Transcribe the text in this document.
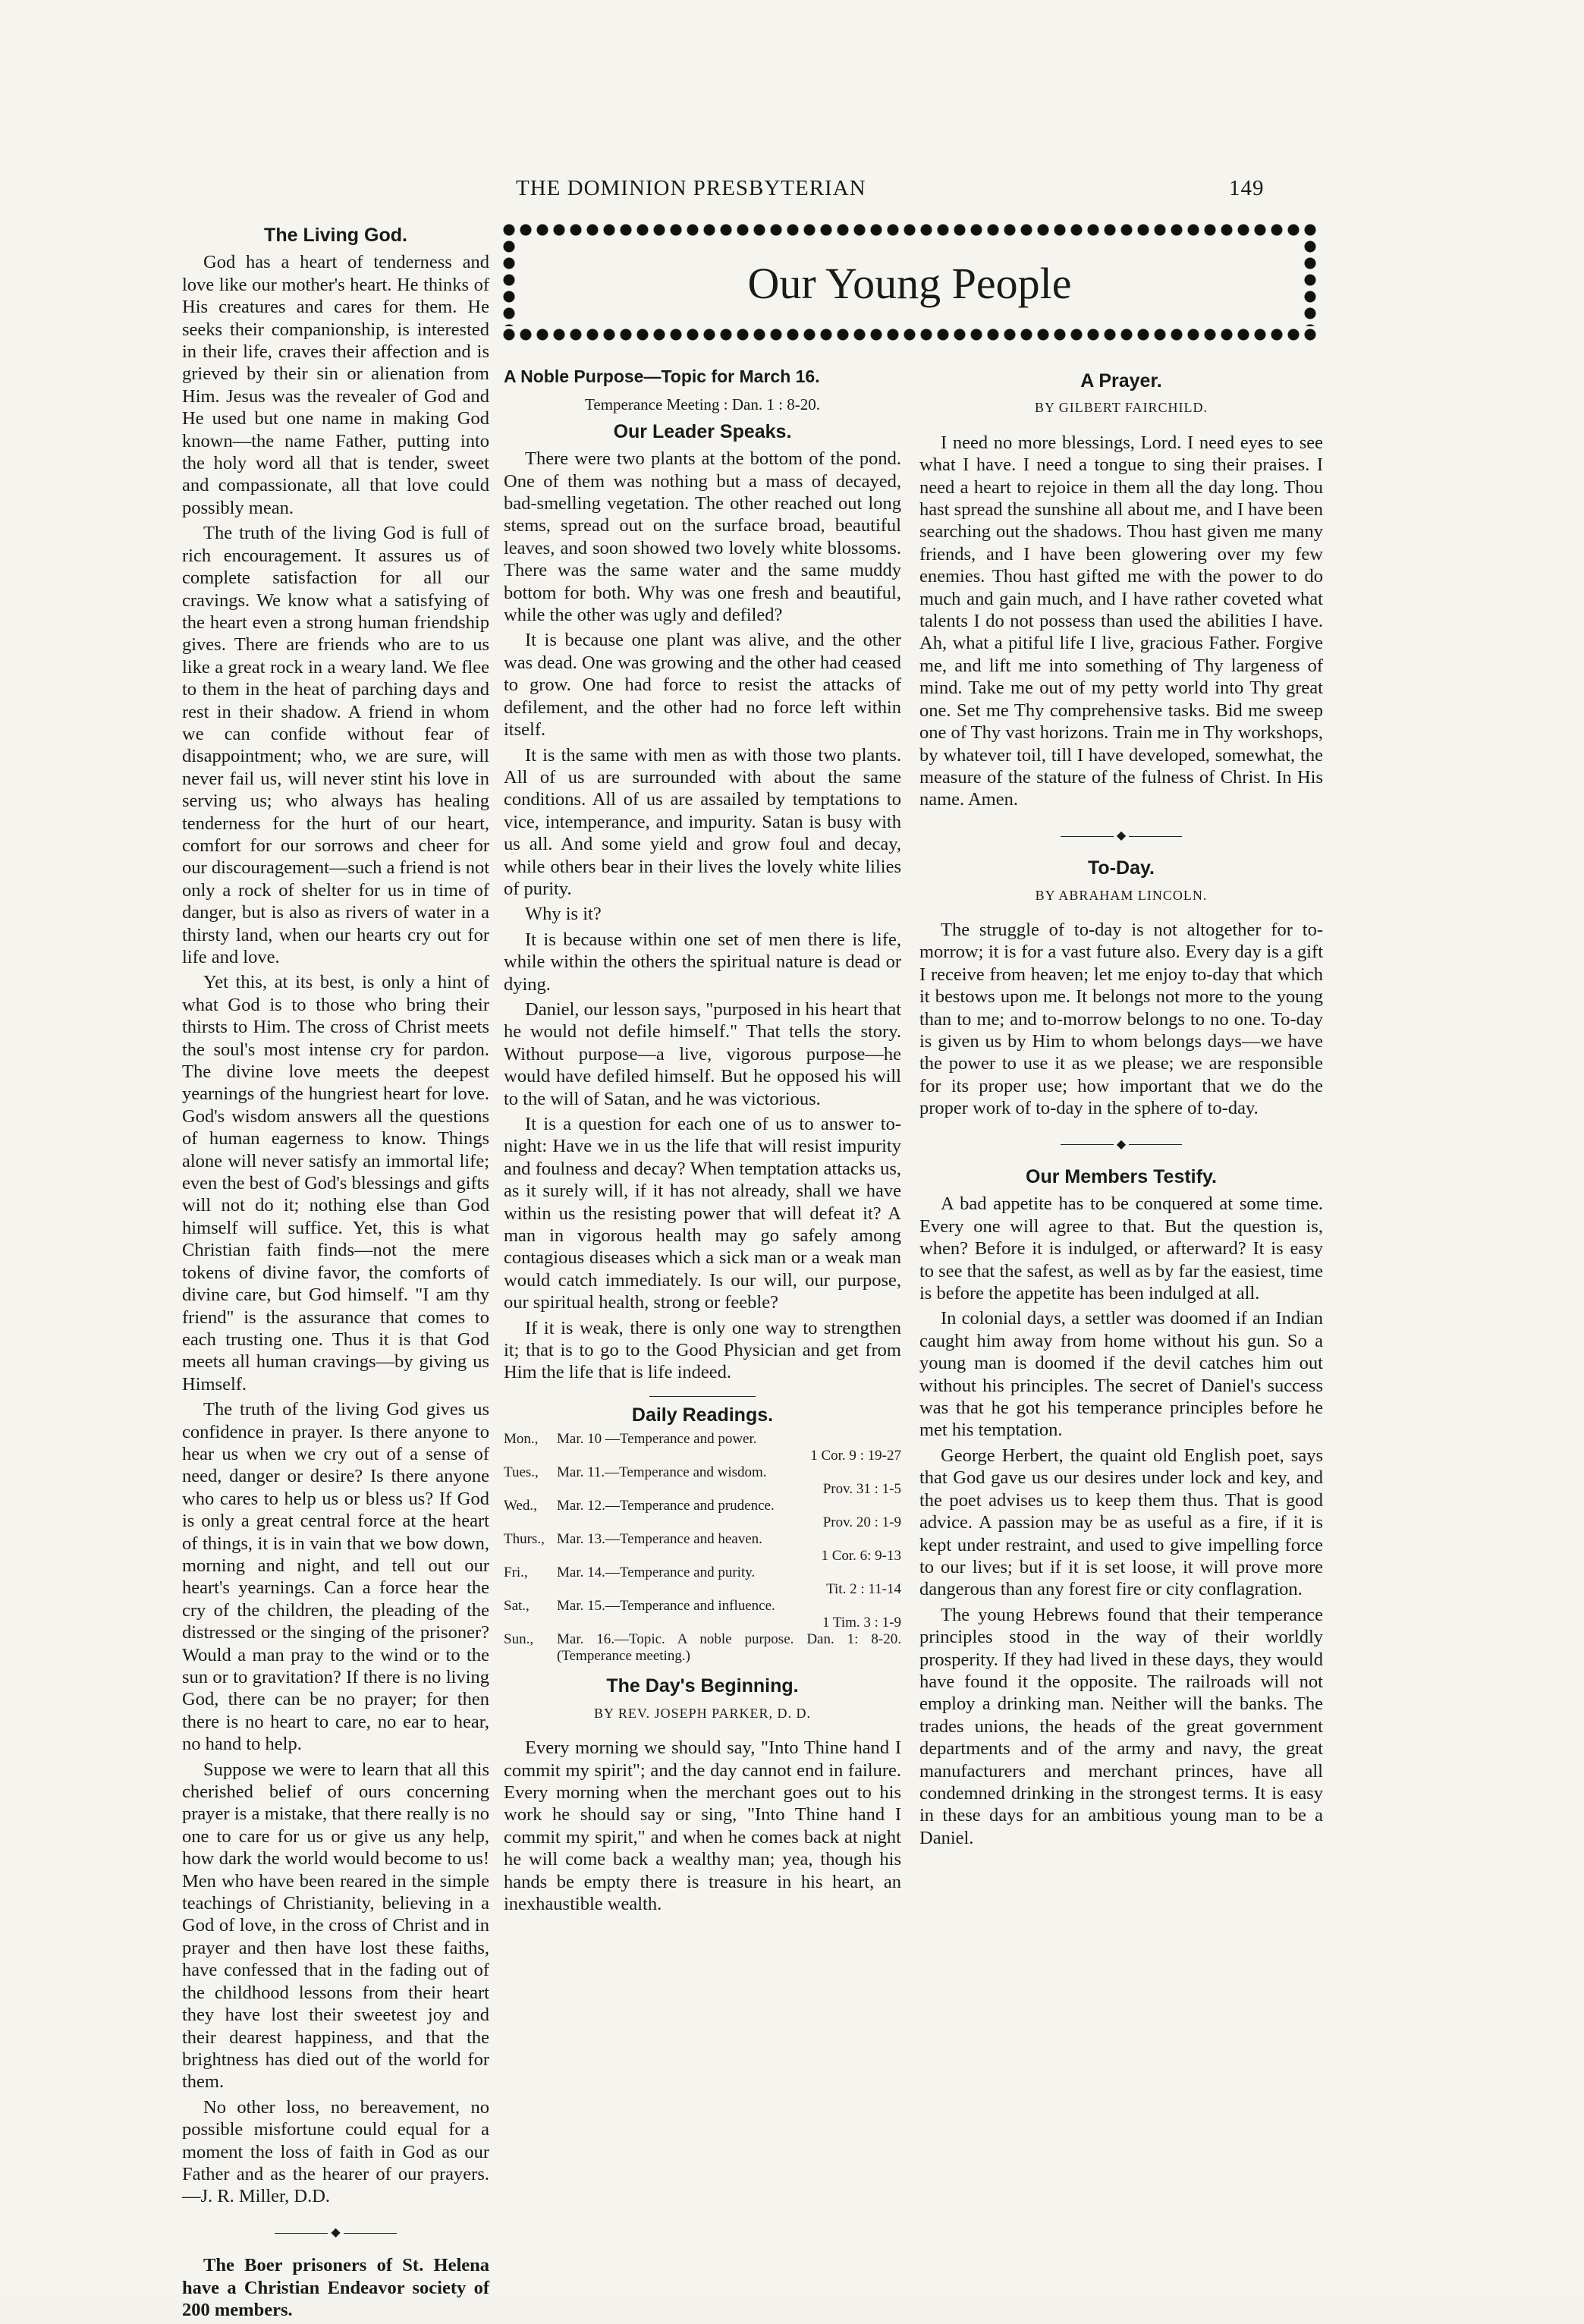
THE DOMINION PRESBYTERIAN	149
The Living God.

God has a heart of tenderness and love like our mother's heart. He thinks of His creatures and cares for them. He seeks their companionship, is interested in their life, craves their affection and is grieved by their sin or alienation from Him. Jesus was the revealer of God and He used but one name in making God known—the name Father, putting into the holy word all that is tender, sweet and compassionate, all that love could possibly mean.

The truth of the living God is full of rich encouragement. It assures us of complete satisfaction for all our cravings. We know what a satisfying of the heart even a strong human friendship gives. There are friends who are to us like a great rock in a weary land. We flee to them in the heat of parching days and rest in their shadow. A friend in whom we can confide without fear of disappointment; who, we are sure, will never fail us, will never stint his love in serving us; who always has healing tenderness for the hurt of our heart, comfort for our sorrows and cheer for our discouragement—such a friend is not only a rock of shelter for us in time of danger, but is also as rivers of water in a thirsty land, when our hearts cry out for life and love.

Yet this, at its best, is only a hint of what God is to those who bring their thirsts to Him. The cross of Christ meets the soul's most intense cry for pardon. The divine love meets the deepest yearnings of the hungriest heart for love. God's wisdom answers all the questions of human eagerness to know. Things alone will never satisfy an immortal life; even the best of God's blessings and gifts will not do it; nothing else than God himself will suffice. Yet, this is what Christian faith finds—not the mere tokens of divine favor, the comforts of divine care, but God himself. "I am thy friend" is the assurance that comes to each trusting one. Thus it is that God meets all human cravings—by giving us Himself.

The truth of the living God gives us confidence in prayer. Is there anyone to hear us when we cry out of a sense of need, danger or desire? Is there anyone who cares to help us or bless us? If God is only a great central force at the heart of things, it is in vain that we bow down, morning and night, and tell out our heart's yearnings. Can a force hear the cry of the children, the pleading of the distressed or the singing of the prisoner? Would a man pray to the wind or to the sun or to gravitation? If there is no living God, there can be no prayer; for then there is no heart to care, no ear to hear, no hand to help.

Suppose we were to learn that all this cherished belief of ours concerning prayer is a mistake, that there really is no one to care for us or give us any help, how dark the world would become to us! Men who have been reared in the simple teachings of Christianity, believing in a God of love, in the cross of Christ and in prayer and then have lost these faiths, have confessed that in the fading out of the childhood lessons from their heart they have lost their sweetest joy and their dearest happiness, and that the brightness has died out of the world for them.

No other loss, no bereavement, no possible misfortune could equal for a moment the loss of faith in God as our Father and as the hearer of our prayers.—J. R. Miller, D.D.

◆

The Boer prisoners of St. Helena have a Christian Endeavor society of 200 members.

Our Young People
A Noble Purpose—Topic for March 16.
Temperance Meeting : Dan. 1 : 8-20.
Our Leader Speaks.

There were two plants at the bottom of the pond. One of them was nothing but a mass of decayed, bad-smelling vegetation. The other reached out long stems, spread out on the surface broad, beautiful leaves, and soon showed two lovely white blossoms. There was the same water and the same muddy bottom for both. Why was one fresh and beautiful, while the other was ugly and defiled?

It is because one plant was alive, and the other was dead. One was growing and the other had ceased to grow. One had force to resist the attacks of defilement, and the other had no force left within itself.

It is the same with men as with those two plants. All of us are surrounded with about the same conditions. All of us are assailed by temptations to vice, intemperance, and impurity. Satan is busy with us all. And some yield and grow foul and decay, while others bear in their lives the lovely white lilies of purity.

Why is it?

It is because within one set of men there is life, while within the others the spiritual nature is dead or dying.

Daniel, our lesson says, "purposed in his heart that he would not defile himself." That tells the story. Without purpose—a live, vigorous purpose—he would have defiled himself. But he opposed his will to the will of Satan, and he was victorious.

It is a question for each one of us to answer to-night: Have we in us the life that will resist impurity and foulness and decay? When temptation attacks us, as it surely will, if it has not already, shall we have within us the resisting power that will defeat it? A man in vigorous health may go safely among contagious diseases which a sick man or a weak man would catch immediately. Is our will, our purpose, our spiritual health, strong or feeble?

If it is weak, there is only one way to strengthen it; that is to go to the Good Physician and get from Him the life that is life indeed.

Daily Readings.
Mon.,	Mar. 10 —Temperance and power.
1 Cor. 9 : 19-27

Tues.,	Mar. 11.—Temperance and wisdom.
Prov. 31 : 1-5

Wed.,	Mar. 12.—Temperance and prudence.
Prov. 20 : 1-9

Thurs.,	Mar. 13.—Temperance and heaven.
1 Cor. 6: 9-13

Fri.,	Mar. 14.—Temperance and purity.
Tit. 2 : 11-14

Sat.,	Mar. 15.—Temperance and influence.
1 Tim. 3 : 1-9

Sun.,	Mar. 16.—Topic. A noble purpose. Dan. 1: 8-20. (Temperance meeting.)
The Day's Beginning.
BY REV. JOSEPH PARKER, D. D.

Every morning we should say, "Into Thine hand I commit my spirit"; and the day cannot end in failure. Every morning when the merchant goes out to his work he should say or sing, "Into Thine hand I commit my spirit," and when he comes back at night he will come back a wealthy man; yea, though his hands be empty there is treasure in his heart, an inexhaustible wealth.

A Prayer.
BY GILBERT FAIRCHILD.

I need no more blessings, Lord. I need eyes to see what I have. I need a tongue to sing their praises. I need a heart to rejoice in them all the day long. Thou hast spread the sunshine all about me, and I have been searching out the shadows. Thou hast given me many friends, and I have been glowering over my few enemies. Thou hast gifted me with the power to do much and gain much, and I have rather coveted what talents I do not possess than used the abilities I have. Ah, what a pitiful life I live, gracious Father. Forgive me, and lift me into something of Thy largeness of mind. Take me out of my petty world into Thy great one. Set me Thy comprehensive tasks. Bid me sweep one of Thy vast horizons. Train me in Thy workshops, by whatever toil, till I have developed, somewhat, the measure of the stature of the fulness of Christ. In His name. Amen.

◆
To-Day.
BY ABRAHAM LINCOLN.

The struggle of to-day is not altogether for to-morrow; it is for a vast future also. Every day is a gift I receive from heaven; let me enjoy to-day that which it bestows upon me. It belongs not more to the young than to me; and to-morrow belongs to no one. To-day is given us by Him to whom belongs days—we have the power to use it as we please; we are responsible for its proper use; how important that we do the proper work of to-day in the sphere of to-day.

◆
Our Members Testify.

A bad appetite has to be conquered at some time. Every one will agree to that. But the question is, when? Before it is indulged, or afterward? It is easy to see that the safest, as well as by far the easiest, time is before the appetite has been indulged at all.

In colonial days, a settler was doomed if an Indian caught him away from home without his gun. So a young man is doomed if the devil catches him out without his principles. The secret of Daniel's success was that he got his temperance principles before he met his temptation.

George Herbert, the quaint old English poet, says that God gave us our desires under lock and key, and the poet advises us to keep them thus. That is good advice. A passion may be as useful as a fire, if it is kept under restraint, and used to give impelling force to our lives; but if it is set loose, it will prove more dangerous than any forest fire or city conflagration.

The young Hebrews found that their temperance principles stood in the way of their worldly prosperity. If they had lived in these days, they would have found it the opposite. The railroads will not employ a drinking man. Neither will the banks. The trades unions, the heads of the great government departments and of the army and navy, the great manufacturers and merchant princes, have all condemned drinking in the strongest terms. It is easy in these days for an ambitious young man to be a Daniel.
